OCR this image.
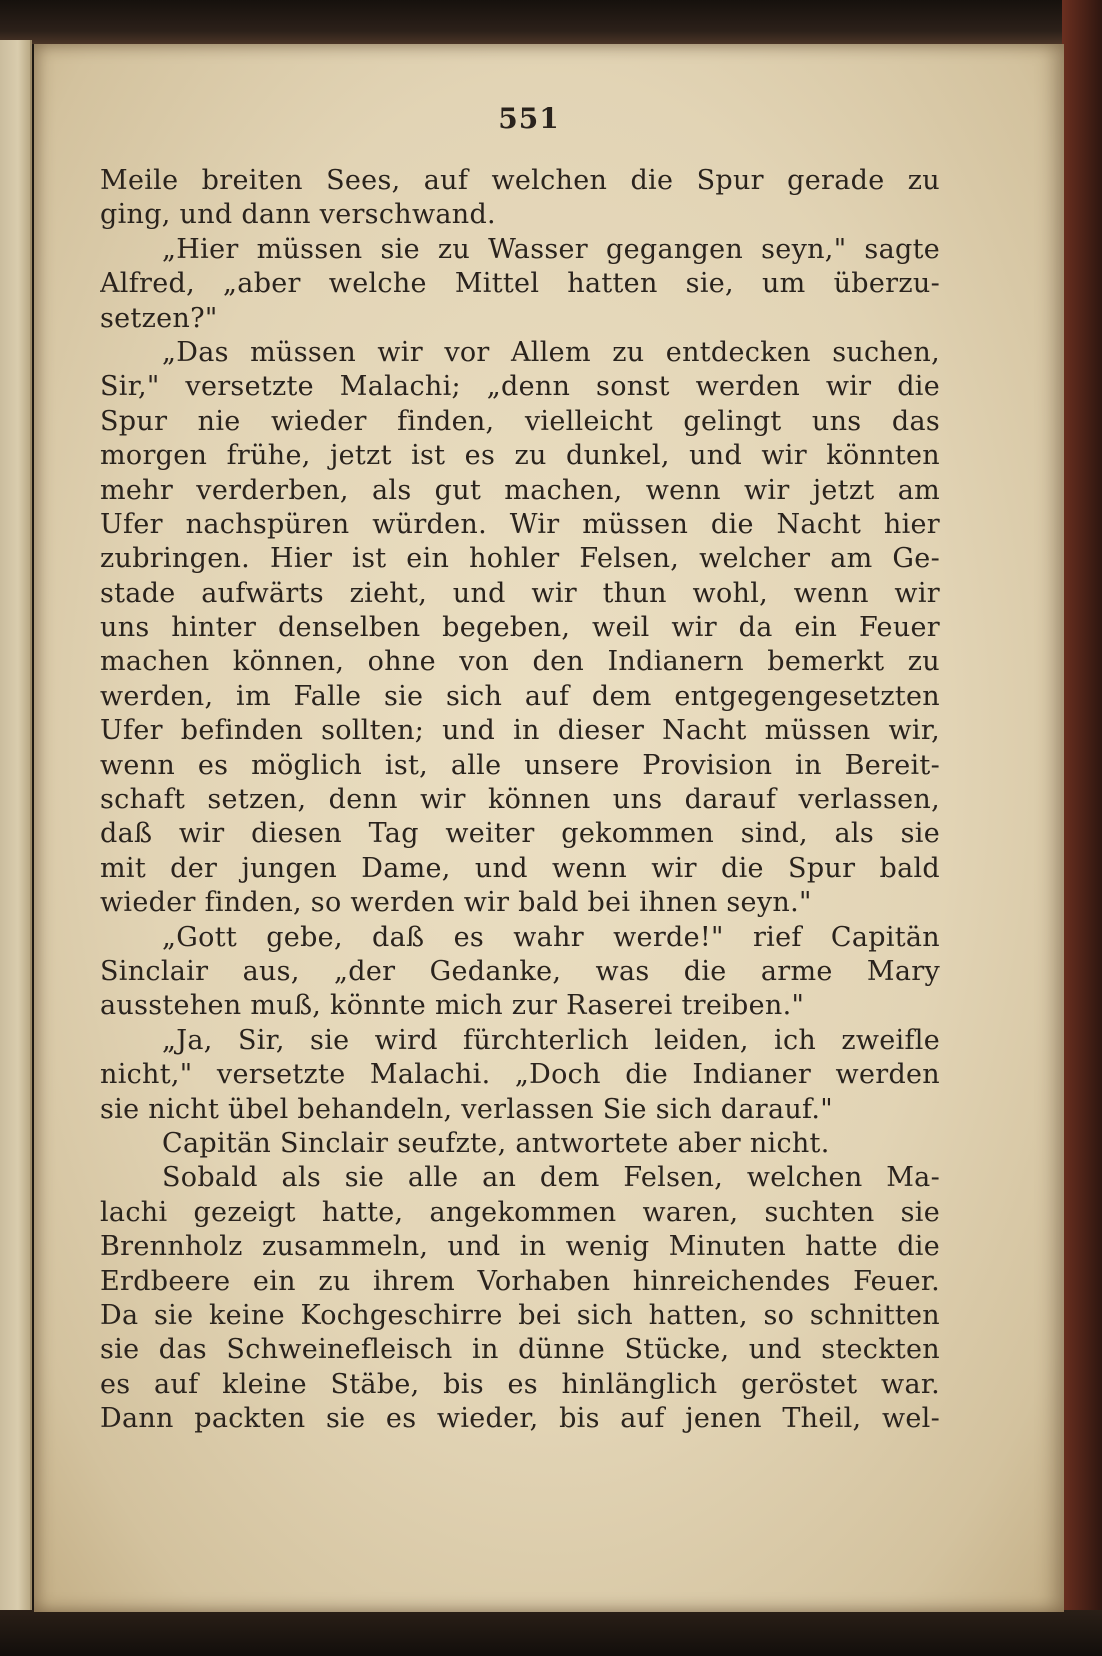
551
Meile breiten Sees, auf welchen die Spur gerade zu
ging, und dann verschwand.
„Hier müssen sie zu Wasser gegangen seyn," sagte
Alfred, „aber welche Mittel hatten sie, um überzu-
setzen?"
„Das müssen wir vor Allem zu entdecken suchen,
Sir," versetzte Malachi; „denn sonst werden wir die
Spur nie wieder finden, vielleicht gelingt uns das
morgen frühe, jetzt ist es zu dunkel, und wir könnten
mehr verderben, als gut machen, wenn wir jetzt am
Ufer nachspüren würden. Wir müssen die Nacht hier
zubringen. Hier ist ein hohler Felsen, welcher am Ge-
stade aufwärts zieht, und wir thun wohl, wenn wir
uns hinter denselben begeben, weil wir da ein Feuer
machen können, ohne von den Indianern bemerkt zu
werden, im Falle sie sich auf dem entgegengesetzten
Ufer befinden sollten; und in dieser Nacht müssen wir,
wenn es möglich ist, alle unsere Provision in Bereit-
schaft setzen, denn wir können uns darauf verlassen,
daß wir diesen Tag weiter gekommen sind, als sie
mit der jungen Dame, und wenn wir die Spur bald
wieder finden, so werden wir bald bei ihnen seyn."
„Gott gebe, daß es wahr werde!" rief Capitän
Sinclair aus, „der Gedanke, was die arme Mary
ausstehen muß, könnte mich zur Raserei treiben."
„Ja, Sir, sie wird fürchterlich leiden, ich zweifle
nicht," versetzte Malachi. „Doch die Indianer werden
sie nicht übel behandeln, verlassen Sie sich darauf."
Capitän Sinclair seufzte, antwortete aber nicht.
Sobald als sie alle an dem Felsen, welchen Ma-
lachi gezeigt hatte, angekommen waren, suchten sie
Brennholz zusammeln, und in wenig Minuten hatte die
Erdbeere ein zu ihrem Vorhaben hinreichendes Feuer.
Da sie keine Kochgeschirre bei sich hatten, so schnitten
sie das Schweinefleisch in dünne Stücke, und steckten
es auf kleine Stäbe, bis es hinlänglich geröstet war.
Dann packten sie es wieder, bis auf jenen Theil, wel-
